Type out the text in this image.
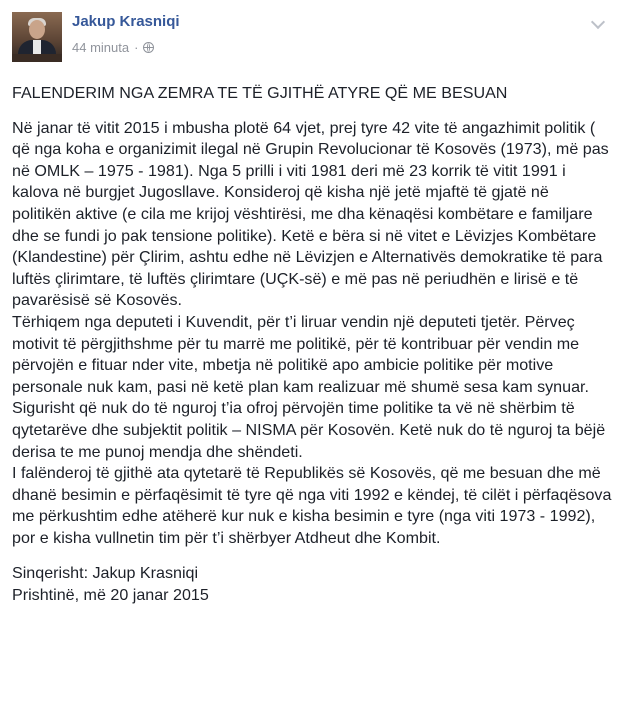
Jakup Krasniqi
44 minuta ·
FALENDERIM NGA ZEMRA TE TË GJITHË ATYRE QË ME BESUAN
Në janar të vitit 2015 i mbusha plotë 64 vjet, prej tyre 42 vite të angazhimit politik ( që nga koha e organizimit ilegal në Grupin Revolucionar të Kosovës (1973), më pas në OMLK – 1975 - 1981). Nga 5 prilli i viti 1981 deri më 23 korrik të vitit 1991 i kalova në burgjet Jugosllave. Konsideroj që kisha një jetë mjaftë të gjatë në politikën aktive (e cila me krijoj vështirësi, me dha kënaqësi kombëtare e familjare dhe se fundi jo pak tensione politike). Ketë e bëra si në vitet e Lëvizjes Kombëtare (Klandestine) për Çlirim, ashtu edhe në Lëvizjen e Alternativës demokratike të para luftës çlirimtare, të luftës çlirimtare (UÇK-së) e më pas në periudhën e lirisë e të pavarësisë së Kosovës.
Tërhiqem nga deputeti i Kuvendit, për t’i liruar vendin një deputeti tjetër. Përveç motivit të përgjithshme për tu marrë me politikë, për të kontribuar për vendin me përvojën e fituar nder vite, mbetja në politikë apo ambicie politike për motive personale nuk kam, pasi në ketë plan kam realizuar më shumë sesa kam synuar. Sigurisht që nuk do të nguroj t’ia ofroj përvojën time politike ta vë në shërbim të qytetarëve dhe subjektit politik – NISMA për Kosovën. Ketë nuk do të nguroj ta bëjë derisa te me punoj mendja dhe shëndeti.
I falënderoj të gjithë ata qytetarë të Republikës së Kosovës, që me besuan dhe më dhanë besimin e përfaqësimit të tyre që nga viti 1992 e këndej, të cilët i përfaqësova me përkushtim edhe atëherë kur nuk e kisha besimin e tyre (nga viti 1973 - 1992), por e kisha vullnetin tim për t’i shërbyer Atdheut dhe Kombit.
Sinqerisht: Jakup Krasniqi
Prishtinë, më 20 janar 2015
